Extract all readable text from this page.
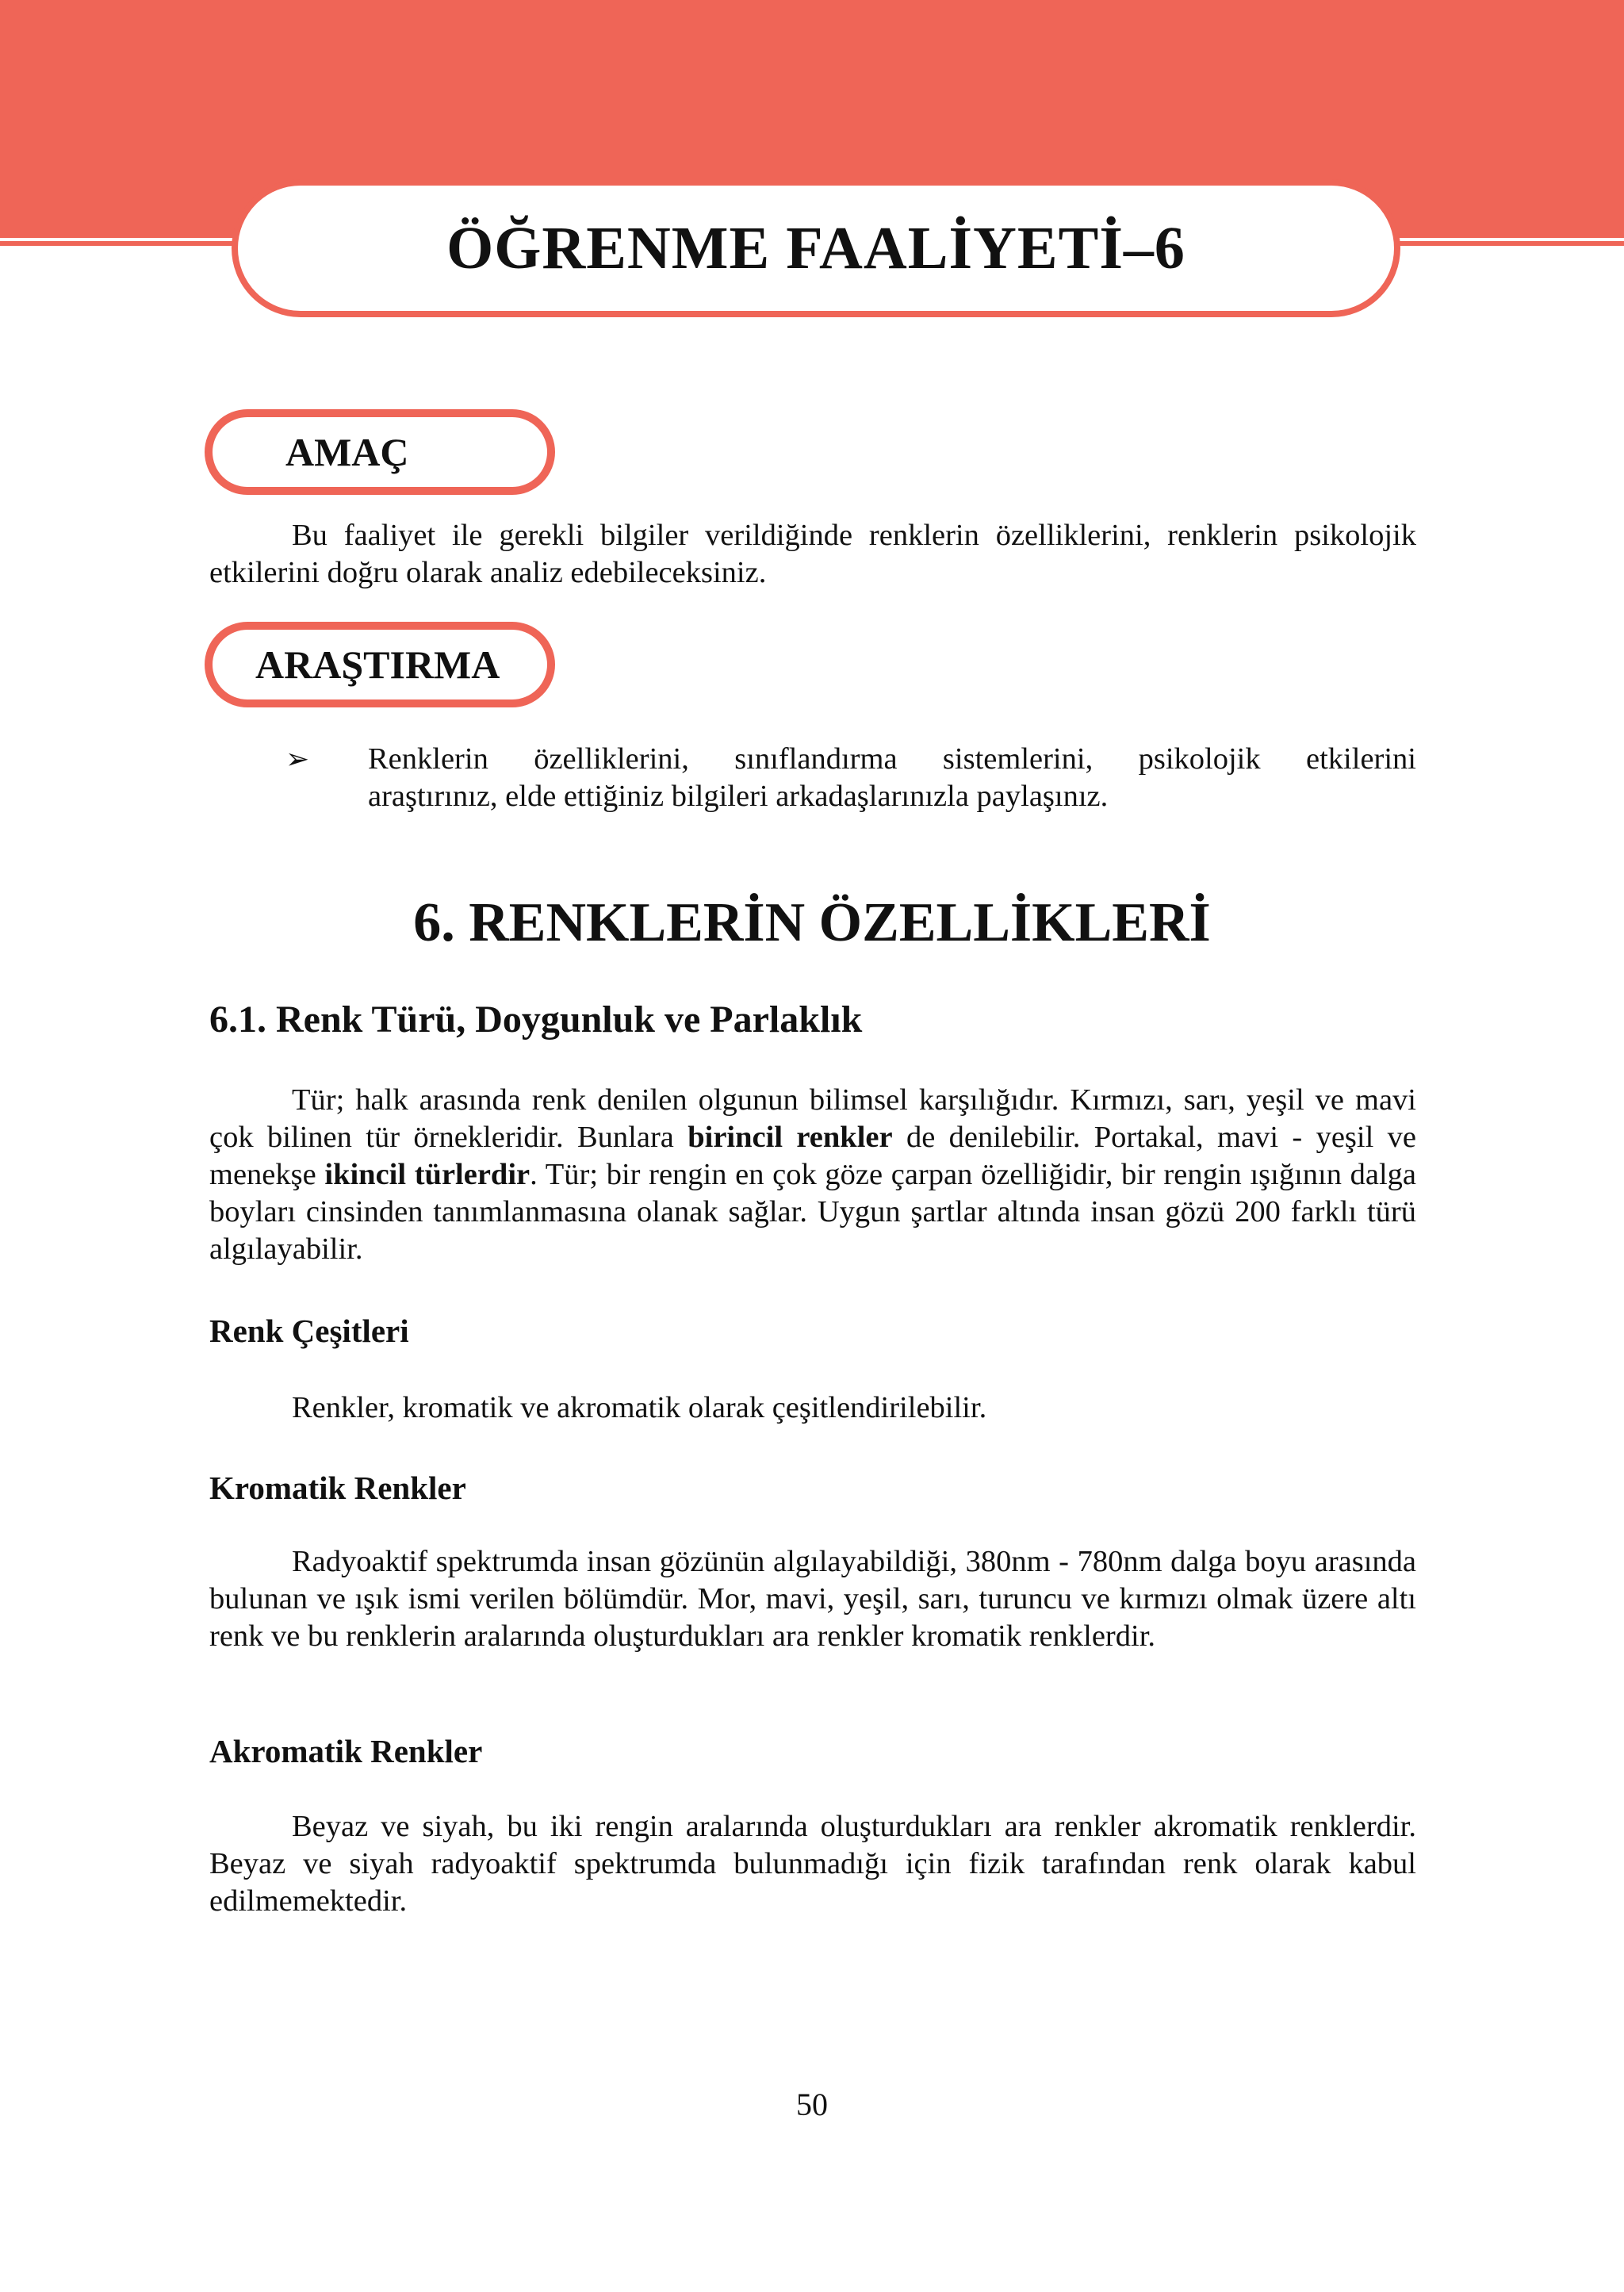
ÖĞRENME FAALİYETİ–6
AMAÇ

Bu faaliyet ile gerekli bilgiler verildiğinde renklerin özelliklerini, renklerin psikolojik etkilerini doğru olarak analiz edebileceksiniz.

ARAŞTIRMA
➢ Renklerin özelliklerini, sınıflandırma sistemlerini, psikolojik etkilerini
araştırınız, elde ettiğiniz bilgileri arkadaşlarınızla paylaşınız.
6. RENKLERİN ÖZELLİKLERİ
6.1. Renk Türü, Doygunluk ve Parlaklık

Tür; halk arasında renk denilen olgunun bilimsel karşılığıdır. Kırmızı, sarı, yeşil ve mavi çok bilinen tür örnekleridir. Bunlara birincil renkler de denilebilir. Portakal, mavi - yeşil ve menekşe ikincil türlerdir. Tür; bir rengin en çok göze çarpan özelliğidir, bir rengin ışığının dalga boyları cinsinden tanımlanmasına olanak sağlar. Uygun şartlar altında insan gözü 200 farklı türü algılayabilir.

Renk Çeşitleri

Renkler, kromatik ve akromatik olarak çeşitlendirilebilir.

Kromatik Renkler

Radyoaktif spektrumda insan gözünün algılayabildiği, 380nm - 780nm dalga boyu arasında bulunan ve ışık ismi verilen bölümdür. Mor, mavi, yeşil, sarı, turuncu ve kırmızı olmak üzere altı renk ve bu renklerin aralarında oluşturdukları ara renkler kromatik renklerdir.

Akromatik Renkler

Beyaz ve siyah, bu iki rengin aralarında oluşturdukları ara renkler akromatik renklerdir. Beyaz ve siyah radyoaktif spektrumda bulunmadığı için fizik tarafından renk olarak kabul edilmemektedir.

50
